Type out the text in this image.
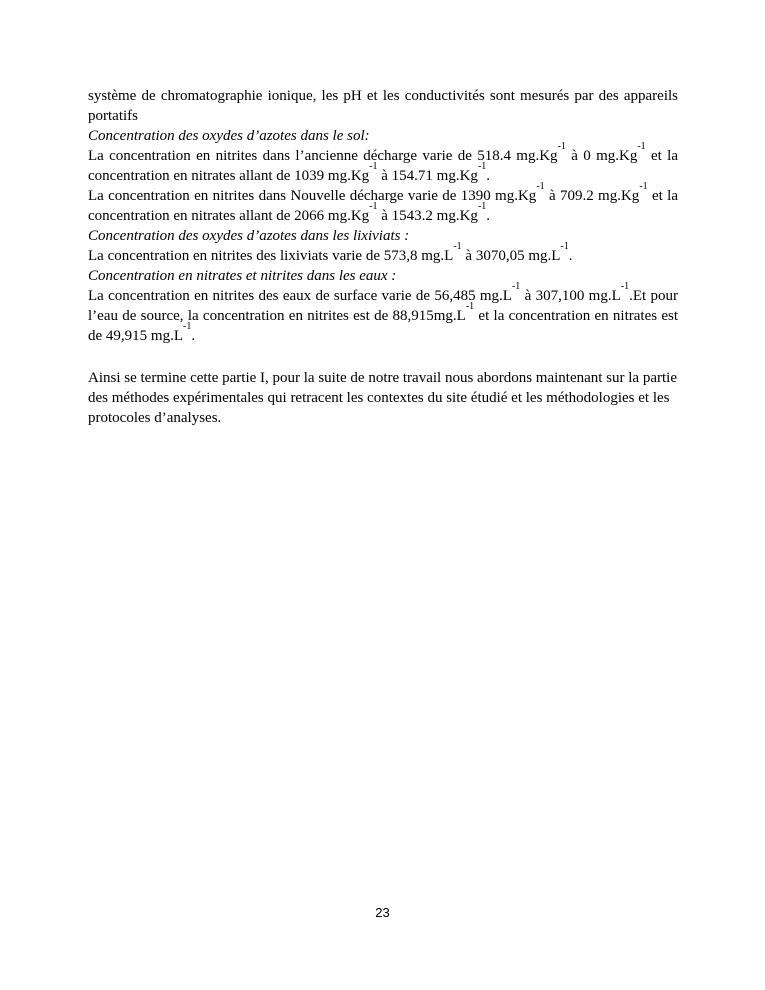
système de chromatographie ionique, les pH et les conductivités sont mesurés par des appareils portatifs

Concentration des oxydes d’azotes dans le sol:

La concentration en nitrites dans l’ancienne décharge varie de 518.4 $mg.Kg^{-1}$ à 0 $mg.Kg^{-1}$ et la concentration en nitrates allant de 1039 $mg.Kg^{-1}$ à 154.71 $mg.Kg^{-1}$.

La concentration en nitrites dans Nouvelle décharge varie de 1390 $mg.Kg^{-1}$ à 709.2 $mg.Kg^{-1}$ et la concentration en nitrates allant de 2066 $mg.Kg^{-1}$ à 1543.2 $mg.Kg^{-1}$.

Concentration des oxydes d’azotes dans les lixiviats :

La concentration en nitrites des lixiviats varie de 573,8 $mg.L^{-1}$ à 3070,05 $mg.L^{-1}$.

Concentration en nitrates et nitrites dans les eaux :

La concentration en nitrites des eaux de surface varie de 56,485 $mg.L^{-1}$ à 307,100 $mg.L^{-1}.Et$ pour l’eau de source, la concentration en nitrites est de $88,915mg.L^{-1}$ et la concentration en nitrates est de 49,915 $mg.L^{-1}$.

Ainsi se termine cette partie I, pour la suite de notre travail nous abordons maintenant sur la partie des méthodes expérimentales qui retracent les contextes du site étudié et les méthodologies et les protocoles d’analyses.

23
